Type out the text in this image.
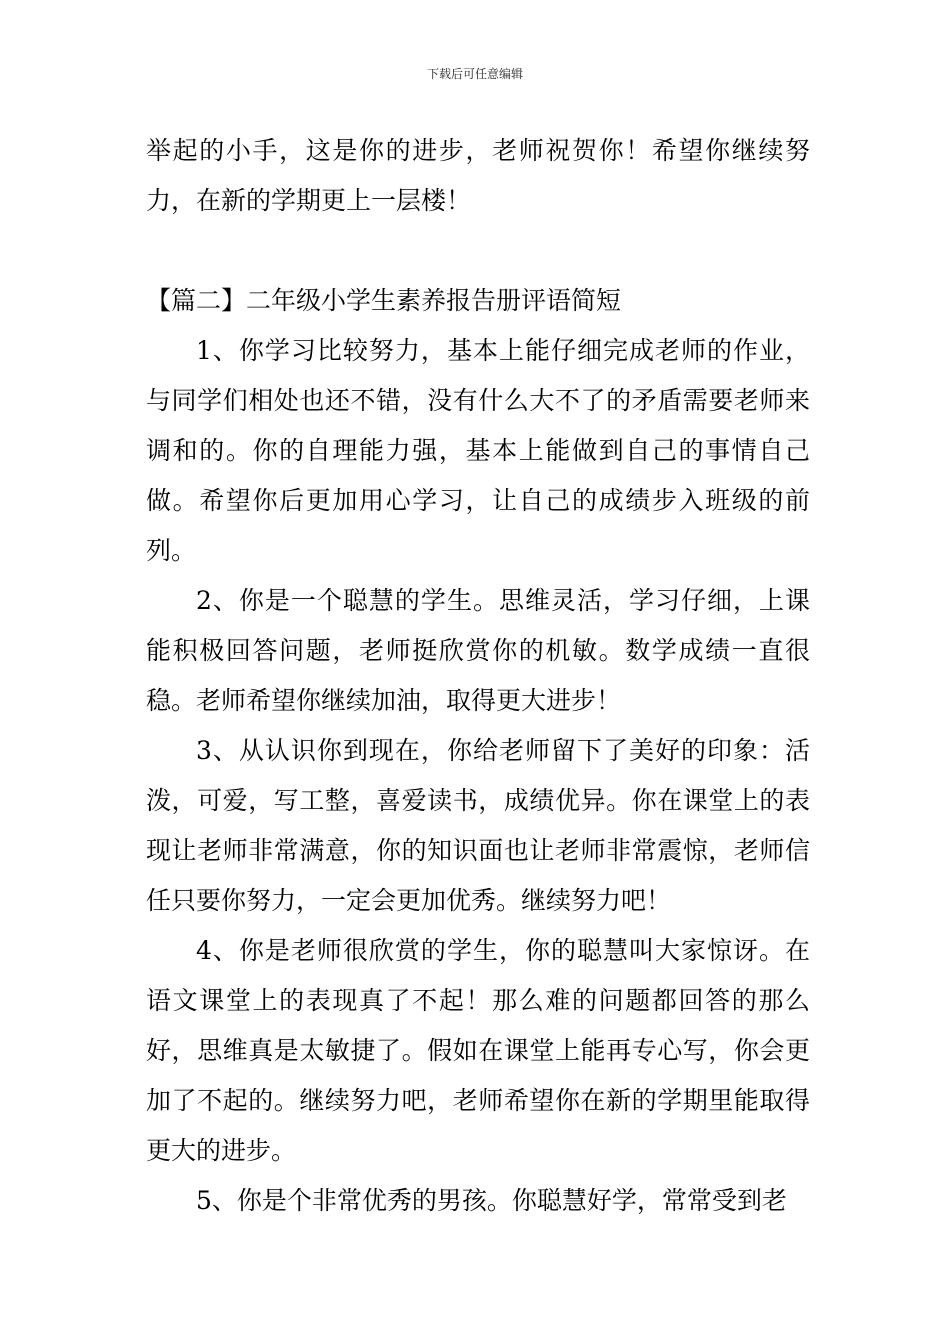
下载后可任意编辑

举起的小手，这是你的进步，老师祝贺你！希望你继续努力，在新的学期更上一层楼！

【篇二】二年级小学生素养报告册评语简短

1、你学习比较努力，基本上能仔细完成老师的作业，与同学们相处也还不错，没有什么大不了的矛盾需要老师来调和的。你的自理能力强，基本上能做到自己的事情自己做。希望你后更加用心学习，让自己的成绩步入班级的前列。

2、你是一个聪慧的学生。思维灵活，学习仔细，上课能积极回答问题，老师挺欣赏你的机敏。数学成绩一直很稳。老师希望你继续加油，取得更大进步！

3、从认识你到现在，你给老师留下了美好的印象：活泼，可爱，写工整，喜爱读书，成绩优异。你在课堂上的表现让老师非常满意，你的知识面也让老师非常震惊，老师信任只要你努力，一定会更加优秀。继续努力吧！

4、你是老师很欣赏的学生，你的聪慧叫大家惊讶。在语文课堂上的表现真了不起！那么难的问题都回答的那么好，思维真是太敏捷了。假如在课堂上能再专心写，你会更加了不起的。继续努力吧，老师希望你在新的学期里能取得更大的进步。

5、你是个非常优秀的男孩。你聪慧好学，常常受到老
